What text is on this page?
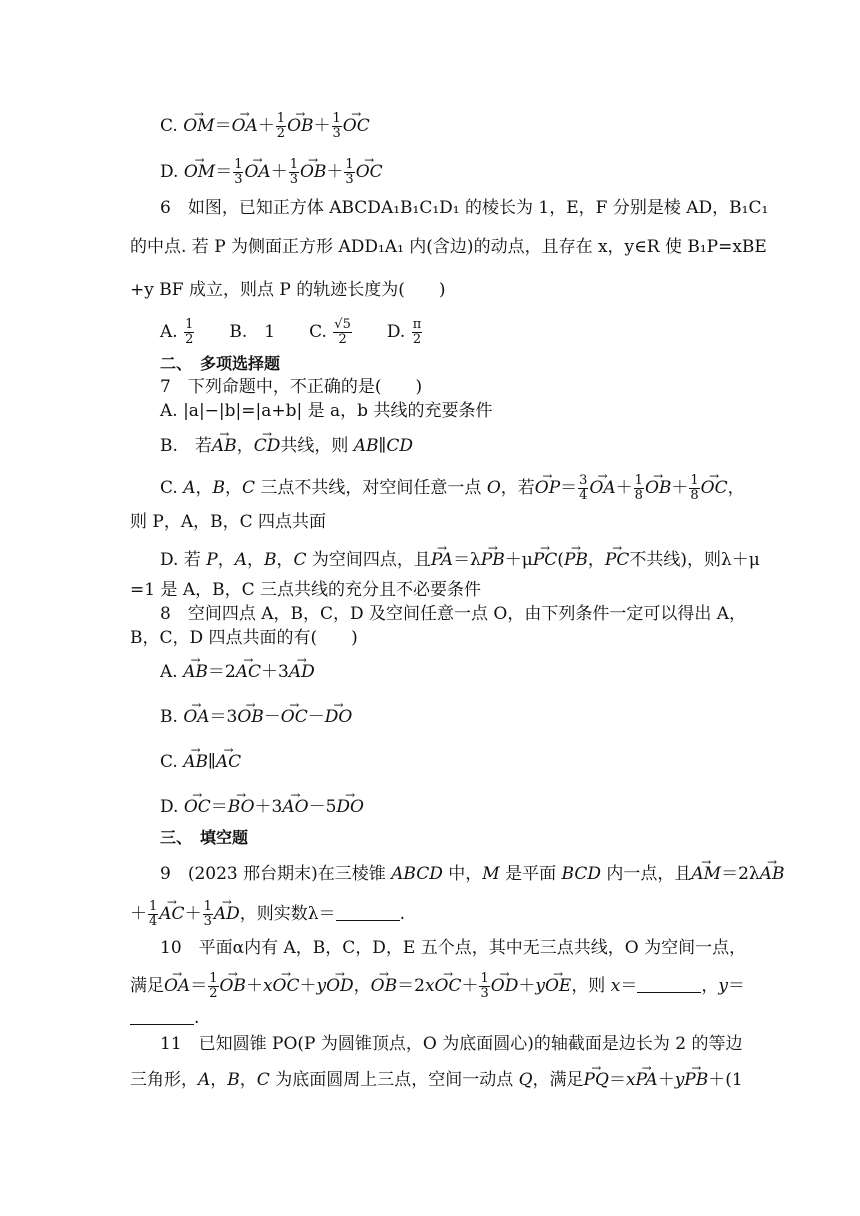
C. → $OM=\to OA+ \frac{1}{2}$
→ $OB+ \frac{1}{3}$
→ OC
D. → $OM= \frac{1}{3}$
→ $OA+ \frac{1}{3}$
→ $OB+ \frac{1}{3}$
→ OC
6　如图，已知正方体 ABCDA₁B₁C₁D₁ 的棱长为 1，E，F 分别是棱 AD，B₁C₁
的中点. 若 P 为侧面正方形 ADD₁A₁ 内(含边)的动点，且存在 x，y∈R 使 B₁P=xBE
+y BF 成立，则点 P 的轨迹长度为(　　)
A. $\frac{1}{2}$ 　　B.　1　　C. $\frac{√5}{2}$ 　　D. $\frac{\pi}{2}$
二、　多项选择题
7　下列命题中，不正确的是(　　)
A. |a|−|b|=|a+b| 是 a，b 共线的充要条件
B.　若→ AB，→ CD共线，则 AB∥CD
C. A，B，C 三点不共线，对空间任意一点 O，若→ $OP= \frac{3}{4}$
→ $OA+ \frac{1}{8}$
→ $OB+ \frac{1}{8}$
→ OC，
则 P，A，B，C 四点共面
D. 若 P，A，B，C 为空间四点，且→ PA＝λ→ PB＋μ→ PC(→ PB，→ PC不共线)，则λ＋μ
=1 是 A，B，C 三点共线的充分且不必要条件
8　空间四点 A，B，C，D 及空间任意一点 O，由下列条件一定可以得出 A，
B，C，D 四点共面的有(　　)
A. → AB＝2→ AC＋3→ AD
B. → OA＝3→ OB－→ OC－→ DO
C. → AB∥→ AC
D. → OC＝→ BO＋3→ AO－5→ DO
三、　填空题
9　(2023 邢台期末)在三棱锥 ABCD 中，M 是平面 BCD 内一点，且→ AM＝2λ→ AB
＋ $\frac{1}{4}$
→ $AC+ \frac{1}{3}$
→ AD，则实数λ＝	.
10　平面α内有 A，B，C，D，E 五个点，其中无三点共线，O 为空间一点，
满足→ $OA= \frac{1}{2}$
→ OB＋x→ OC＋y→ OD，→ $OB=2x\to OC+ \frac{1}{3}$
→ OD＋y→ OE，则 x＝	，y＝
.
11　已知圆锥 PO(P 为圆锥顶点，O 为底面圆心)的轴截面是边长为 2 的等边
三角形，A，B，C 为底面圆周上三点，空间一动点 Q，满足→ PQ＝x→ PA＋y→ PB＋(1
